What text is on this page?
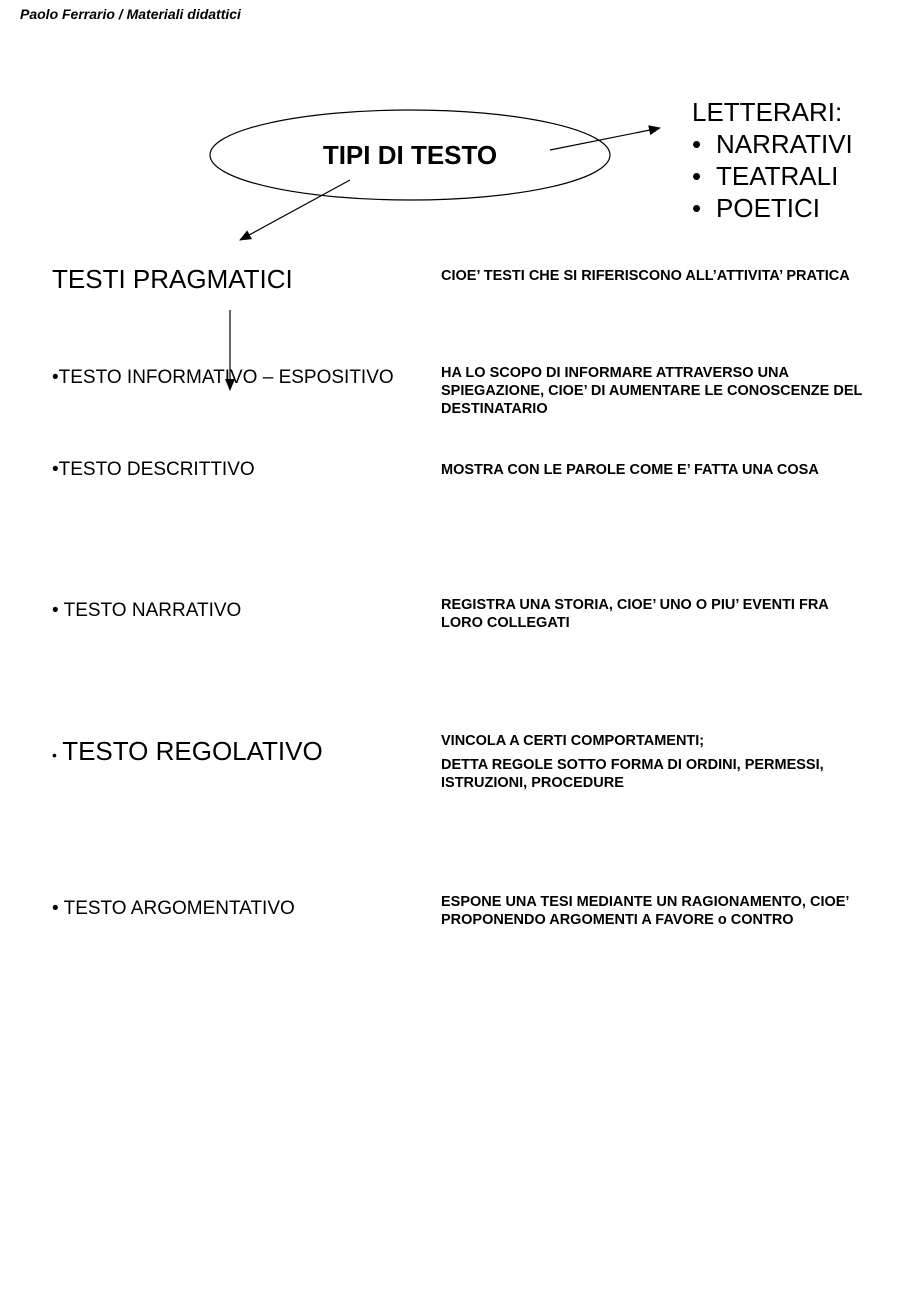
Paolo Ferrario / Materiali didattici
TIPI DI TESTO
LETTERARI:
• NARRATIVI
• TEATRALI
• POETICI
TESTI PRAGMATICI	CIOE’ TESTI CHE SI RIFERISCONO ALL’ATTIVITA’ PRATICA
•TESTO INFORMATIVO – ESPOSITIVO	HA LO SCOPO DI INFORMARE ATTRAVERSO UNA SPIEGAZIONE, CIOE’ DI AUMENTARE LE CONOSCENZE DEL DESTINATARIO

•TESTO DESCRITTIVO	MOSTRA CON LE PAROLE COME E’ FATTA UNA COSA

• TESTO NARRATIVO	REGISTRA UNA STORIA, CIOE’ UNO O PIU’ EVENTI FRA LORO COLLEGATI

• TESTO REGOLATIVO	VINCOLA A CERTI COMPORTAMENTI;

DETTA REGOLE SOTTO FORMA DI ORDINI, PERMESSI, ISTRUZIONI, PROCEDURE

• TESTO ARGOMENTATIVO	ESPONE UNA TESI MEDIANTE UN RAGIONAMENTO, CIOE’ PROPONENDO ARGOMENTI A FAVORE o CONTRO
